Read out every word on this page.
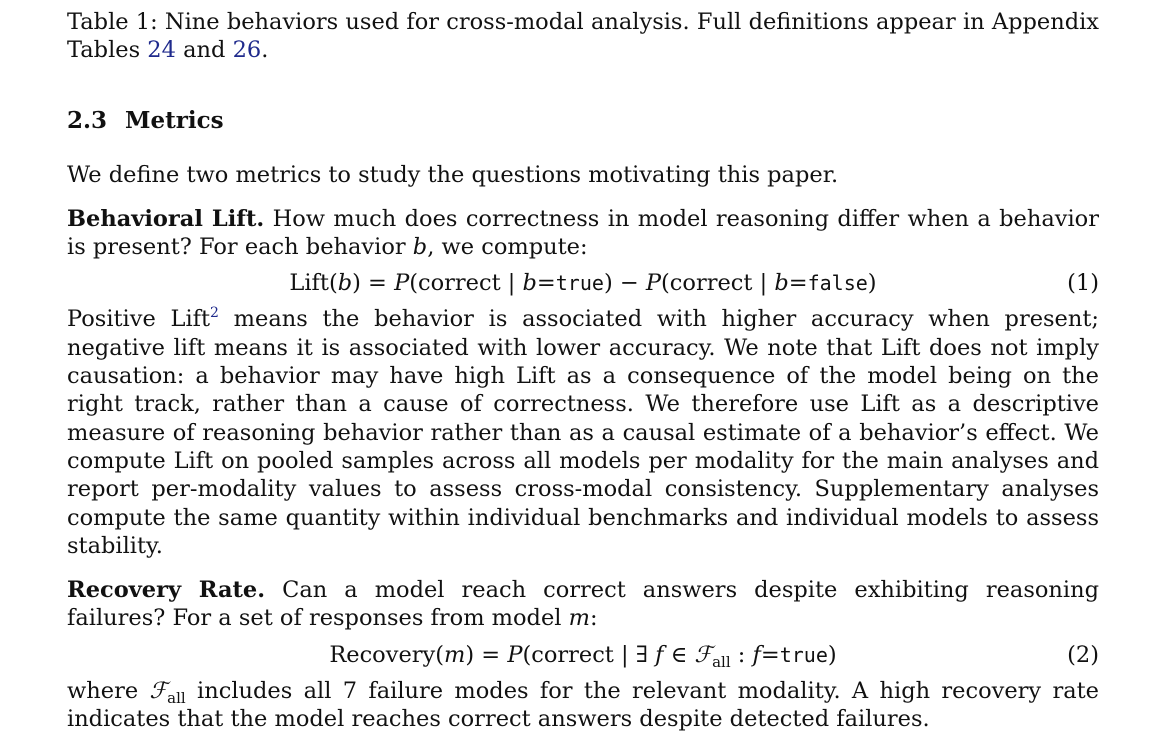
Table 1: Nine behaviors used for cross-modal analysis. Full definitions appear in Appendix Tables 24 and 26.

2.3 Metrics

We define two metrics to study the questions motivating this paper.

Behavioral Lift. How much does correctness in model reasoning differ when a behavior is present? For each behavior b, we compute:

Lift(b) = P(correct | b=true) − P(correct | b=false)	(1)

Positive Lift$^2$ means the behavior is associated with higher accuracy when present; negative lift means it is associated with lower accuracy. We note that Lift does not imply causation: a behavior may have high Lift as a consequence of the model being on the right track, rather than a cause of correctness. We therefore use Lift as a descriptive measure of reasoning behavior rather than as a causal estimate of a behavior’s effect. We compute Lift on pooled samples across all models per modality for the main analyses and report per-modality values to assess cross-modal consistency. Supplementary analyses compute the same quantity within individual benchmarks and individual models to assess stability.

Recovery Rate. Can a model reach correct answers despite exhibiting reasoning failures? For a set of responses from model m:

Recovery(m) = P(correct | ∃ f ∈ ℱ$_{all}$ : f=true)	(2)

where ℱ$_{all}$ includes all 7 failure modes for the relevant modality. A high recovery rate indicates that the model reaches correct answers despite detected failures.
